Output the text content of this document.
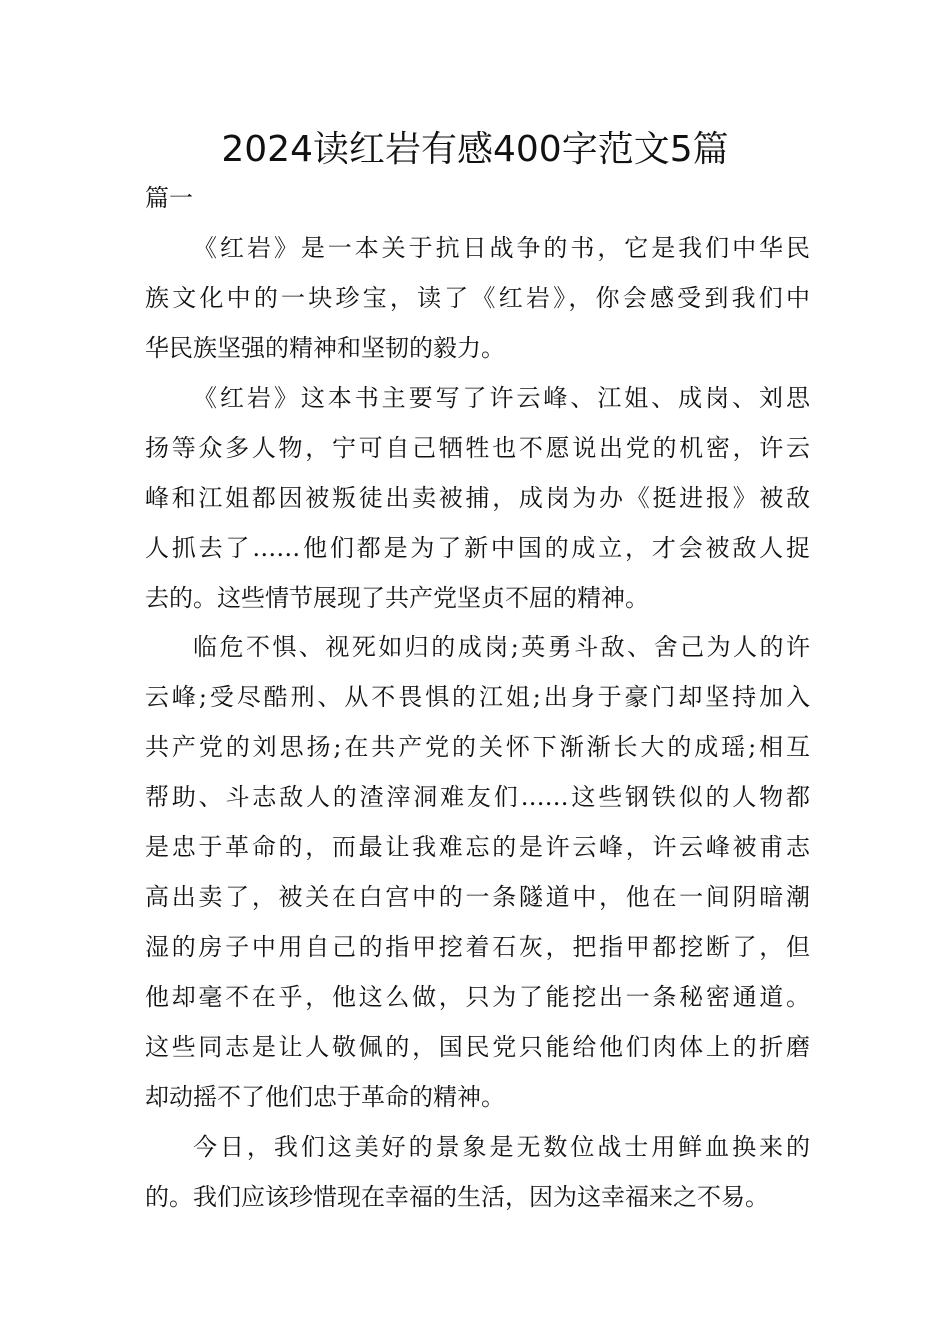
2024读红岩有感400字范文5篇
篇一
《红岩》是一本关于抗日战争的书，它是我们中华民
族文化中的一块珍宝，读了《红岩》，你会感受到我们中
华民族坚强的精神和坚韧的毅力。
《红岩》这本书主要写了许云峰、江姐、成岗、刘思
扬等众多人物，宁可自己牺牲也不愿说出党的机密，许云
峰和江姐都因被叛徒出卖被捕，成岗为办《挺进报》被敌
人抓去了……他们都是为了新中国的成立，才会被敌人捉
去的。这些情节展现了共产党坚贞不屈的精神。
临危不惧、视死如归的成岗;英勇斗敌、舍己为人的许
云峰;受尽酷刑、从不畏惧的江姐;出身于豪门却坚持加入
共产党的刘思扬;在共产党的关怀下渐渐长大的成瑶;相互
帮助、斗志敌人的渣滓洞难友们……这些钢铁似的人物都
是忠于革命的，而最让我难忘的是许云峰，许云峰被甫志
高出卖了，被关在白宫中的一条隧道中，他在一间阴暗潮
湿的房子中用自己的指甲挖着石灰，把指甲都挖断了，但
他却毫不在乎，他这么做，只为了能挖出一条秘密通道。
这些同志是让人敬佩的，国民党只能给他们肉体上的折磨
却动摇不了他们忠于革命的精神。
今日，我们这美好的景象是无数位战士用鲜血换来的
的。我们应该珍惜现在幸福的生活，因为这幸福来之不易。
